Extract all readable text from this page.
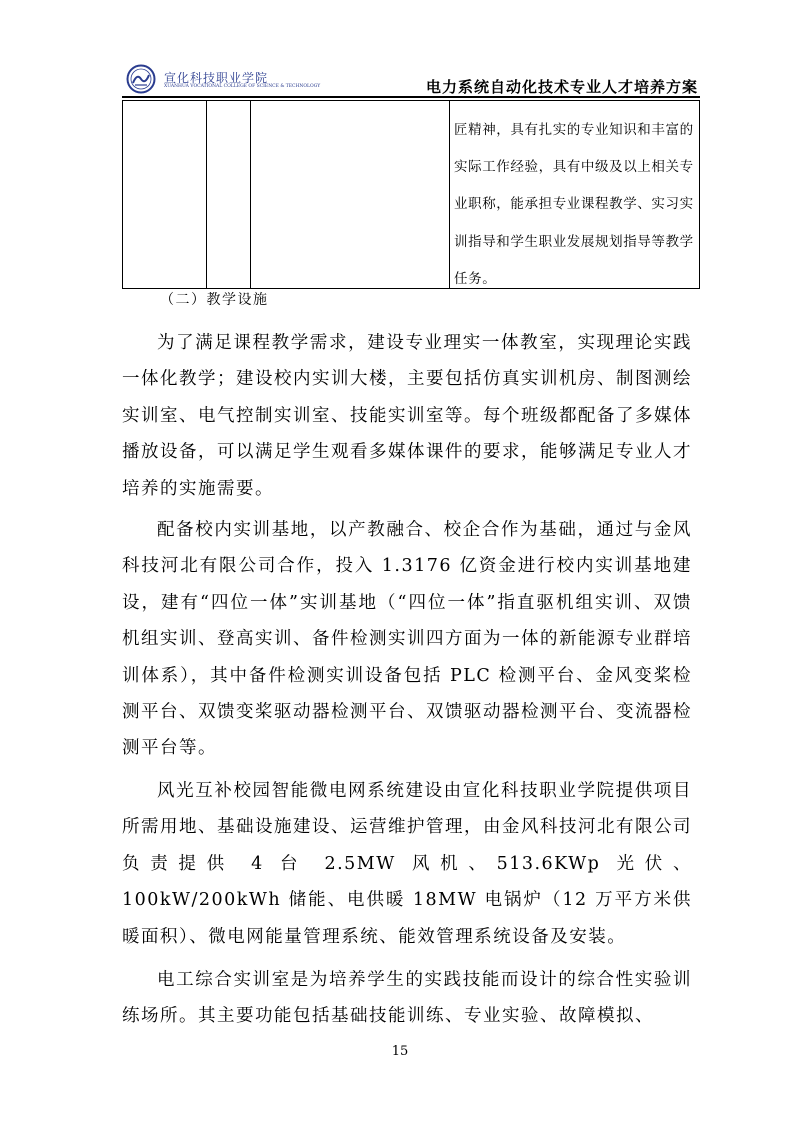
宣化科技职业学院
XUANHUA VOCATIONAL COLLEGE OF SCIENCE & TECHNOLOGY	电力系统自动化技术专业人才培养方案

匠精神，具有扎实的专业知识和丰富的实际工作经验，具有中级及以上相关专业职称，能承担专业课程教学、实习实训指导和学生职业发展规划指导等教学任务。

（二）教学设施

为了满足课程教学需求，建设专业理实一体教室，实现理论实践一体化教学；建设校内实训大楼，主要包括仿真实训机房、制图测绘实训室、电气控制实训室、技能实训室等。每个班级都配备了多媒体播放设备，可以满足学生观看多媒体课件的要求，能够满足专业人才培养的实施需要。

配备校内实训基地，以产教融合、校企合作为基础，通过与金风科技河北有限公司合作，投入 1.3176 亿资金进行校内实训基地建设，建有“四位一体”实训基地（“四位一体”指直驱机组实训、双馈机组实训、登高实训、备件检测实训四方面为一体的新能源专业群培训体系），其中备件检测实训设备包括 PLC 检测平台、金风变桨检测平台、双馈变桨驱动器检测平台、双馈驱动器检测平台、变流器检测平台等。

风光互补校园智能微电网系统建设由宣化科技职业学院提供项目所需用地、基础设施建设、运营维护管理，由金风科技河北有限公司负责提供 4 台 2.5MW 风机、513.6KWp 光伏、100kW/200kWh 储能、电供暖 18MW 电锅炉（12 万平方米供暖面积）、微电网能量管理系统、能效管理系统设备及安装。

电工综合实训室是为培养学生的实践技能而设计的综合性实验训练场所。其主要功能包括基础技能训练、专业实验、故障模拟、

15
